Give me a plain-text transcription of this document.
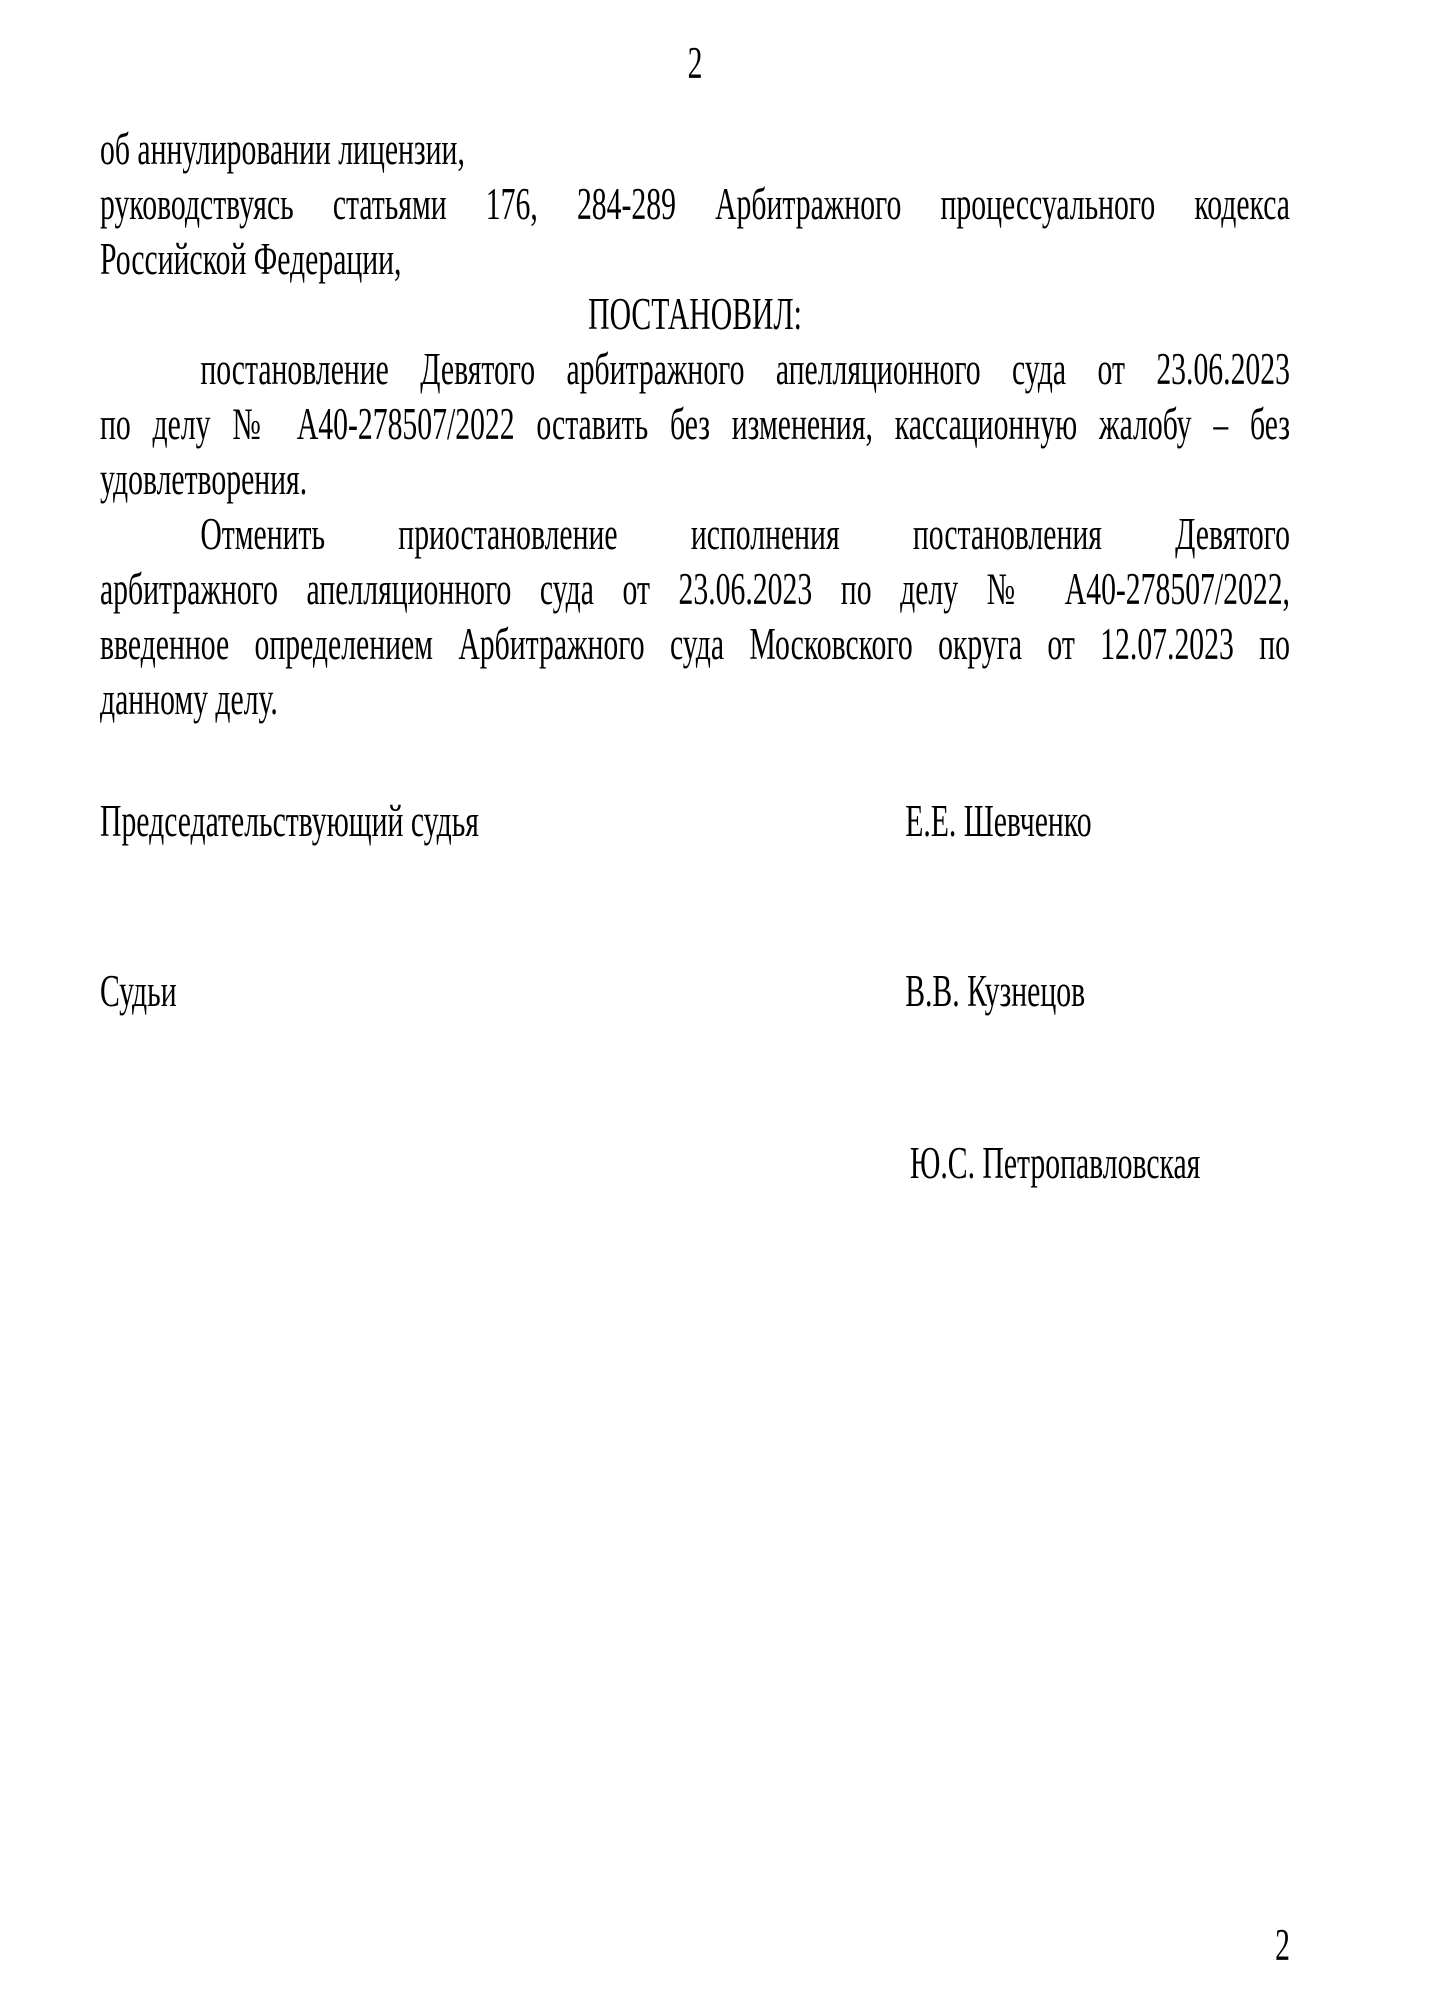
2
об аннулировании лицензии,
руководствуясь статьями 176, 284-289 Арбитражного процессуального кодекса
Российской Федерации,
ПОСТАНОВИЛ:
постановление Девятого арбитражного апелляционного суда от 23.06.2023
по делу № А40-278507/2022 оставить без изменения, кассационную жалобу – без
удовлетворения.
Отменить приостановление исполнения постановления Девятого
арбитражного апелляционного суда от 23.06.2023 по делу № А40-278507/2022,
введенное определением Арбитражного суда Московского округа от 12.07.2023 по
данному делу.
Председательствующий судья	Е.Е. Шевченко
Судьи	В.В. Кузнецов
Ю.С. Петропавловская
2
